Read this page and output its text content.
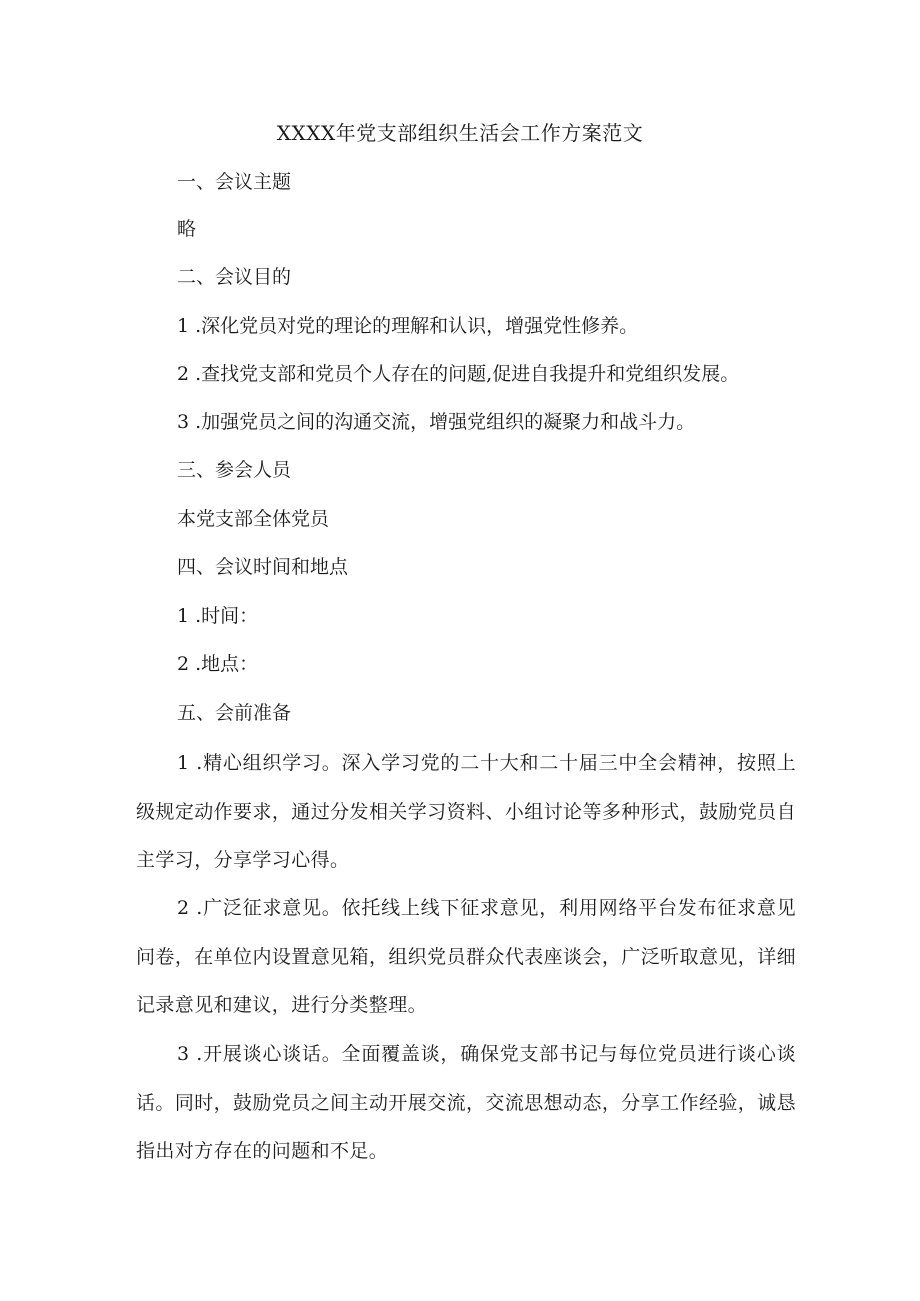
XXXX年党支部组织生活会工作方案范文
一、会议主题
略
二、会议目的
1 .深化党员对党的理论的理解和认识，增强党性修养。
2 .查找党支部和党员个人存在的问题,促进自我提升和党组织发展。
3 .加强党员之间的沟通交流，增强党组织的凝聚力和战斗力。
三、参会人员
本党支部全体党员
四、会议时间和地点
1 .时间：
2 .地点：
五、会前准备
1 .精心组织学习。深入学习党的二十大和二十届三中全会精神，按照上级规定动作要求，通过分发相关学习资料、小组讨论等多种形式，鼓励党员自主学习，分享学习心得。
2 .广泛征求意见。依托线上线下征求意见，利用网络平台发布征求意见问卷，在单位内设置意见箱，组织党员群众代表座谈会，广泛听取意见，详细记录意见和建议，进行分类整理。
3 .开展谈心谈话。全面覆盖谈，确保党支部书记与每位党员进行谈心谈话。同时，鼓励党员之间主动开展交流，交流思想动态，分享工作经验，诚恳指出对方存在的问题和不足。
